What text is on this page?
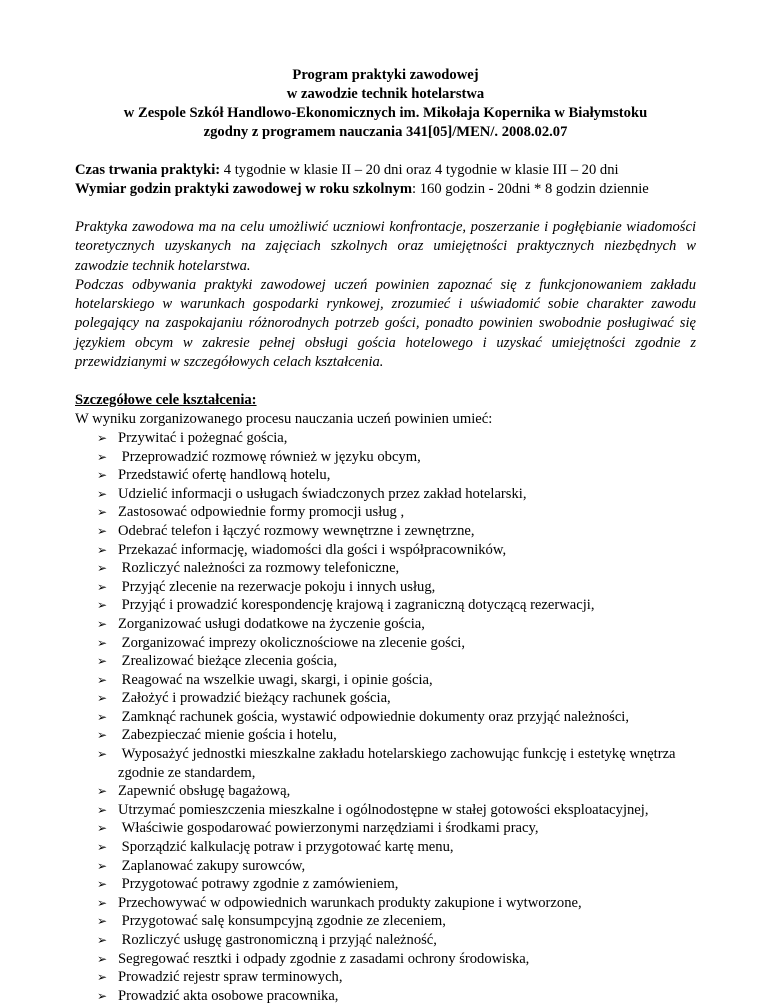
Program praktyki zawodowej
w zawodzie technik hotelarstwa
w Zespole Szkół Handlowo-Ekonomicznych im. Mikołaja Kopernika w Białymstoku
zgodny z programem nauczania 341[05]/MEN/. 2008.02.07
Czas trwania praktyki: 4 tygodnie w klasie II – 20 dni oraz 4 tygodnie w klasie III – 20 dni
Wymiar godzin praktyki zawodowej w roku szkolnym: 160 godzin - 20dni * 8 godzin dziennie
Praktyka zawodowa ma na celu umożliwić uczniowi konfrontacje, poszerzanie i pogłębianie wiadomości teoretycznych uzyskanych na zajęciach szkolnych oraz umiejętności praktycznych niezbędnych w zawodzie technik hotelarstwa.
Podczas odbywania praktyki zawodowej uczeń powinien zapoznać się z funkcjonowaniem zakładu hotelarskiego w warunkach gospodarki rynkowej, zrozumieć i uświadomić sobie charakter zawodu polegający na zaspokajaniu różnorodnych potrzeb gości, ponadto powinien swobodnie posługiwać się językiem obcym w zakresie pełnej obsługi gościa hotelowego i uzyskać umiejętności zgodnie z przewidzianymi w szczegółowych celach kształcenia.
Szczegółowe cele kształcenia:
W wyniku zorganizowanego procesu nauczania uczeń powinien umieć:
➢ Przywitać i pożegnać gościa,
➢ Przeprowadzić rozmowę również w języku obcym,
➢ Przedstawić ofertę handlową hotelu,
➢ Udzielić informacji o usługach świadczonych przez zakład hotelarski,
➢ Zastosować odpowiednie formy promocji usług ,
➢ Odebrać telefon i łączyć rozmowy wewnętrzne i zewnętrzne,
➢ Przekazać informację, wiadomości dla gości i współpracowników,
➢ Rozliczyć należności za rozmowy telefoniczne,
➢ Przyjąć zlecenie na rezerwacje pokoju i innych usług,
➢ Przyjąć i prowadzić korespondencję krajową i zagraniczną dotyczącą rezerwacji,
➢ Zorganizować usługi dodatkowe na życzenie gościa,
➢ Zorganizować imprezy okolicznościowe na zlecenie gości,
➢ Zrealizować bieżące zlecenia gościa,
➢ Reagować na wszelkie uwagi, skargi, i opinie gościa,
➢ Założyć i prowadzić bieżący rachunek gościa,
➢ Zamknąć rachunek gościa, wystawić odpowiednie dokumenty oraz przyjąć należności,
➢ Zabezpieczać mienie gościa i hotelu,
➢ Wyposażyć jednostki mieszkalne zakładu hotelarskiego zachowując funkcję i estetykę wnętrza zgodnie ze standardem,
➢ Zapewnić obsługę bagażową,
➢ Utrzymać pomieszczenia mieszkalne i ogólnodostępne w stałej gotowości eksploatacyjnej,
➢ Właściwie gospodarować powierzonymi narzędziami i środkami pracy,
➢ Sporządzić kalkulację potraw i przygotować kartę menu,
➢ Zaplanować zakupy surowców,
➢ Przygotować potrawy zgodnie z zamówieniem,
➢ Przechowywać w odpowiednich warunkach produkty zakupione i wytworzone,
➢ Przygotować salę konsumpcyjną zgodnie ze zleceniem,
➢ Rozliczyć usługę gastronomiczną i przyjąć należność,
➢ Segregować resztki i odpady zgodnie z zasadami ochrony środowiska,
➢ Prowadzić rejestr spraw terminowych,
➢ Prowadzić akta osobowe pracownika,
